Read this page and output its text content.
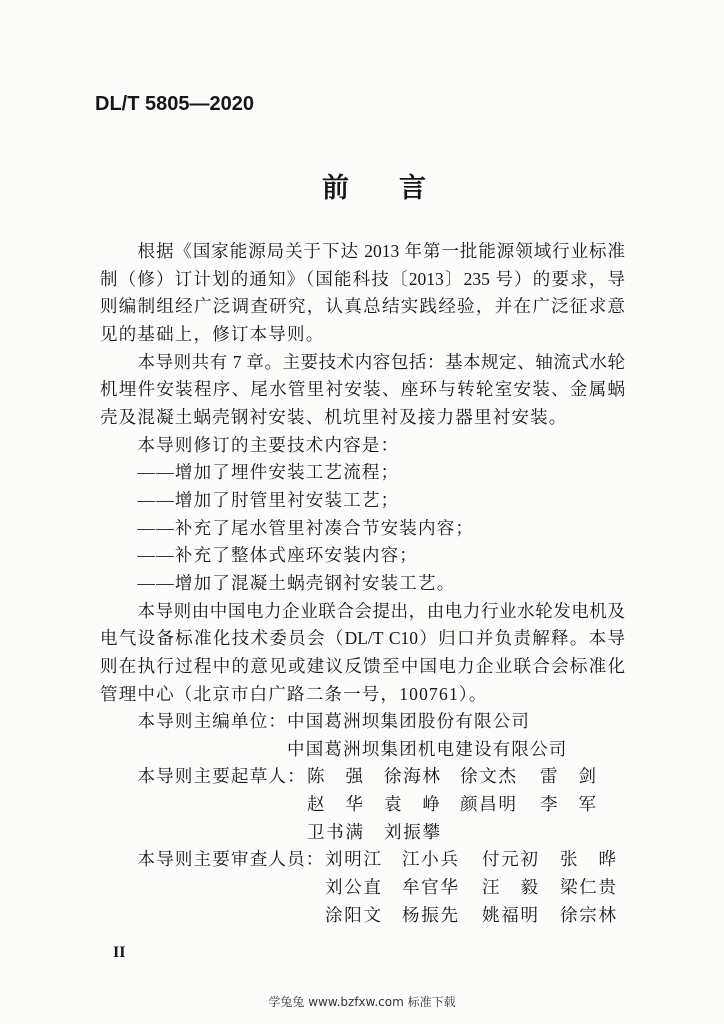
DL/T 5805—2020
前 言
根据《国家能源局关于下达 2013 年第一批能源领域行业标准
制（修）订计划的通知》（国能科技〔2013〕235 号）的要求，导
则编制组经广泛调查研究，认真总结实践经验，并在广泛征求意
见的基础上，修订本导则。
本导则共有 7 章。主要技术内容包括：基本规定、轴流式水轮
机埋件安装程序、尾水管里衬安装、座环与转轮室安装、金属蜗
壳及混凝土蜗壳钢衬安装、机坑里衬及接力器里衬安装。
本导则修订的主要技术内容是：
——增加了埋件安装工艺流程；
——增加了肘管里衬安装工艺；
——补充了尾水管里衬凑合节安装内容；
——补充了整体式座环安装内容；
——增加了混凝土蜗壳钢衬安装工艺。
本导则由中国电力企业联合会提出，由电力行业水轮发电机及
电气设备标准化技术委员会（DL/T C10）归口并负责解释。本导
则在执行过程中的意见或建议反馈至中国电力企业联合会标准化
管理中心（北京市白广路二条一号，100761）。
本导则主编单位： 中国葛洲坝集团股份有限公司
中国葛洲坝集团机电建设有限公司
本导则主要起草人： 陈 强 徐海林 徐文杰 雷 剑
赵 华 袁 峥 颜昌明 李 军
卫书满 刘振攀
本导则主要审查人员： 刘明江 江小兵 付元初 张 晔
刘公直 牟官华 汪 毅 梁仁贵
涂阳文 杨振先 姚福明 徐宗林
II
学兔兔 www.bzfxw.com 标准下载
